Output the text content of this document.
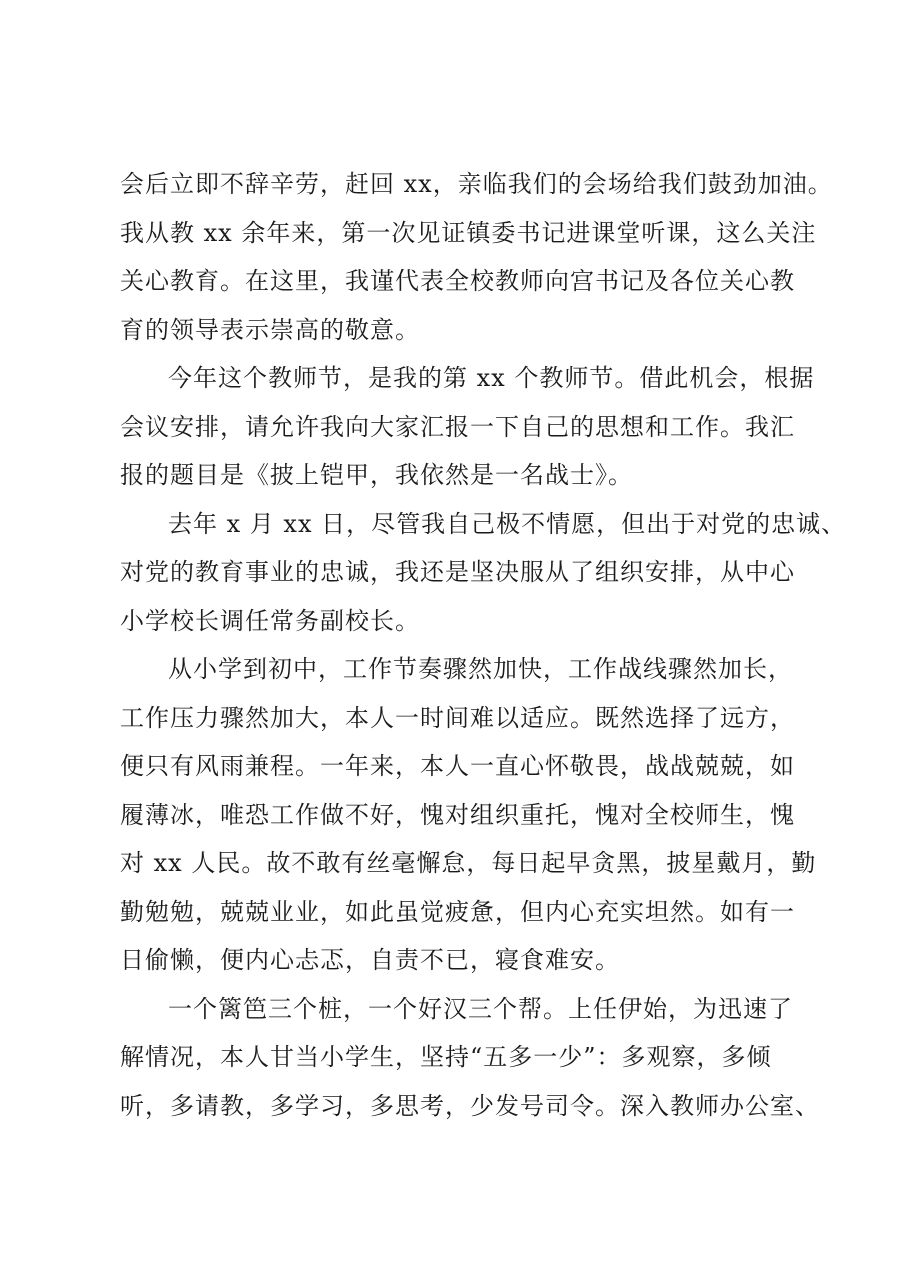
会后立即不辞辛劳，赶回 xx，亲临我们的会场给我们鼓劲加油。
我从教 xx 余年来，第一次见证镇委书记进课堂听课，这么关注
关心教育。在这里，我谨代表全校教师向宫书记及各位关心教
育的领导表示崇高的敬意。
今年这个教师节，是我的第 xx 个教师节。借此机会，根据
会议安排，请允许我向大家汇报一下自己的思想和工作。我汇
报的题目是《披上铠甲，我依然是一名战士》。
去年 x 月 xx 日，尽管我自己极不情愿，但出于对党的忠诚、
对党的教育事业的忠诚，我还是坚决服从了组织安排，从中心
小学校长调任常务副校长。
从小学到初中，工作节奏骤然加快，工作战线骤然加长，
工作压力骤然加大，本人一时间难以适应。既然选择了远方，
便只有风雨兼程。一年来，本人一直心怀敬畏，战战兢兢，如
履薄冰，唯恐工作做不好，愧对组织重托，愧对全校师生，愧
对 xx 人民。故不敢有丝毫懈怠，每日起早贪黑，披星戴月，勤
勤勉勉，兢兢业业，如此虽觉疲惫，但内心充实坦然。如有一
日偷懒，便内心忐忑，自责不已，寝食难安。
一个篱笆三个桩，一个好汉三个帮。上任伊始，为迅速了
解情况，本人甘当小学生，坚持“五多一少”：多观察，多倾
听，多请教，多学习，多思考，少发号司令。深入教师办公室、
